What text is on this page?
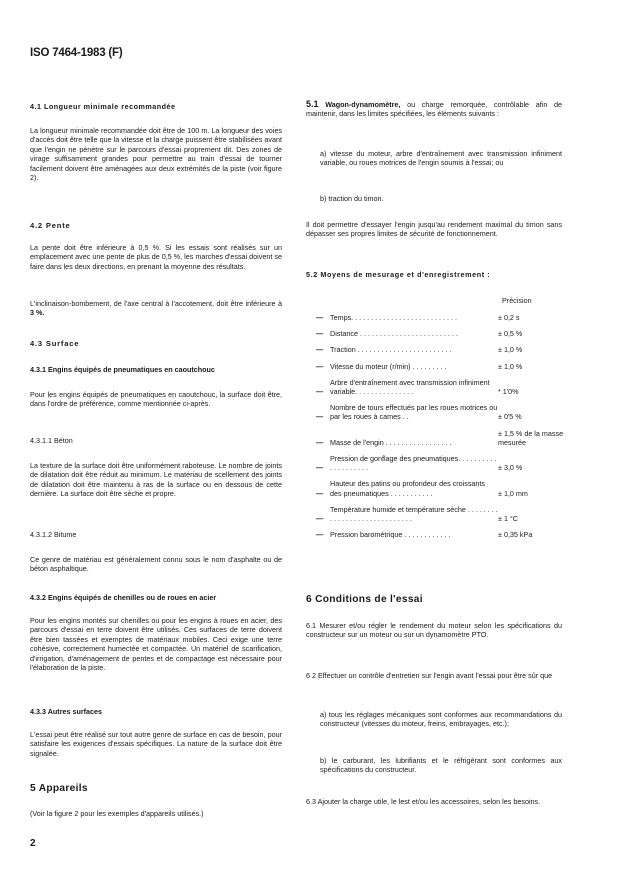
ISO 7464-1983 (F)
4.1 Longueur minimale recommandée

La longueur minimale recommandée doit être de 100 m. La longueur des voies d'accès doit être telle que la vitesse et la charge puissent être stabilisées avant que l'engin ne pénètre sur le parcours d'essai proprement dit. Des zones de virage suffisamment grandes pour permettre au train d'essai de tourner facilement doivent être aménagées aux deux extrémités de la piste (voir figure 2).

4.2 Pente

La pente doit être inférieure à 0,5 %. Si les essais sont réalisés sur un emplacement avec une pente de plus de 0,5 %, les marches d'essai doivent se faire dans les deux directions, en prenant la moyenne des résultats.

L'inclinaison-bombement, de l'axe central à l'accotement, doit être inférieure à 3 %.

4.3 Surface
4.3.1 Engins équipés de pneumatiques en caoutchouc

Pour les engins équipés de pneumatiques en caoutchouc, la surface doit être, dans l'ordre de préférence, comme mentionnée ci-après.

4.3.1.1 Béton

La texture de la surface doit être uniformément raboteuse. Le nombre de joints de dilatation doit être réduit au minimum. Le matériau de scellement des joints de dilatation doit être maintenu à ras de la surface ou en dessous de cette dernière. La surface doit être sèche et propre.

4.3.1.2 Bitume

Ce genre de matériau est généralement connu sous le nom d'asphalte ou de béton asphaltique.

4.3.2 Engins équipés de chenilles ou de roues en acier

Pour les engins montés sur chenilles ou pour les engins à roues en acier, des parcours d'essai en terre doivent être utilisés. Ces surfaces de terre doivent être bien tassées et exemptes de matériaux mobiles. Ceci exige une terre cohésive, correctement humectée et compactée. Un matériel de scarification, d'irrigation, d'aménagement de pentes et de compactage est nécessaire pour l'élaboration de la piste.

4.3.3 Autres surfaces

L'essai peut être réalisé sur tout autre genre de surface en cas de besoin, pour satisfaire les exigences d'essais spécifiques. La nature de la surface doit être signalée.

5 Appareils

(Voir la figure 2 pour les exemples d'appareils utilisés.)

5.1 Wagon-dynamomètre, ou charge remorquée, contrôlable afin de maintenir, dans les limites spécifiées, les éléments suivants :

a) vitesse du moteur, arbre d'entraînement avec transmission infiniment variable, ou roues motrices de l'engin soumis à l'essai; ou

b) traction du timon.

Il doit permettre d'essayer l'engin jusqu'au rendement maximal du timon sans dépasser ses propres limites de sécurité de fonctionnement.

5.2 Moyens de mesurage et d'enregistrement :
Précision
—	Temps. . . . . . . . . . . . . . . . . . . . . . . . . . .	± 0,2 s
—	Distance . . . . . . . . . . . . . . . . . . . . . . . . .	± 0,5 %
—	Traction . . . . . . . . . . . . . . . . . . . . . . . .	± 1,0 %
—	Vitesse du moteur (r/min) . . . . . . . . .	± 1,0 %
—	Arbre d'entraînement avec transmission infiniment variable. . . . . . . . . . . . . . .	* 1'0%
—	Nombre de tours effectués par les roues motrices ou par les roues à cames . .	± 0'5 %
—	Masse de l'engin . . . . . . . . . . . . . . . . .	± 1,5 % de la masse mesurée
—	Pression de gonflage des pneumatiques. . . . . . . . . . . . . . . . . . . .	± 3,0 %
—	Hauteur des patins ou profondeur des croissants des pneumatiques . . . . . . . . . . .	± 1,0 mm
—	Température humide et température sèche . . . . . . . . . . . . . . . . . . . . . . . . . . . . .	± 1 °C
—	Pression barométrique . . . . . . . . . . . .	± 0,35 kPa
6 Conditions de l'essai

6.1 Mesurer et/ou régler le rendement du moteur selon les spécifications du constructeur sur un moteur ou sur un dynamomètre PTO.

6 2 Effectuer un contrôle d'entretien sur l'engin avant l'essai pour être sûr que

a) tous les réglages mécaniques sont conformes aux recommandations du constructeur (vitesses du moteur, freins, embrayages, etc.);

b) le carburant, les lubrifiants et le réfrigérant sont conformes aux spécifications du constructeur.

6.3 Ajouter la charge utile, le lest et/ou les accessoires, selon les besoins.

2
